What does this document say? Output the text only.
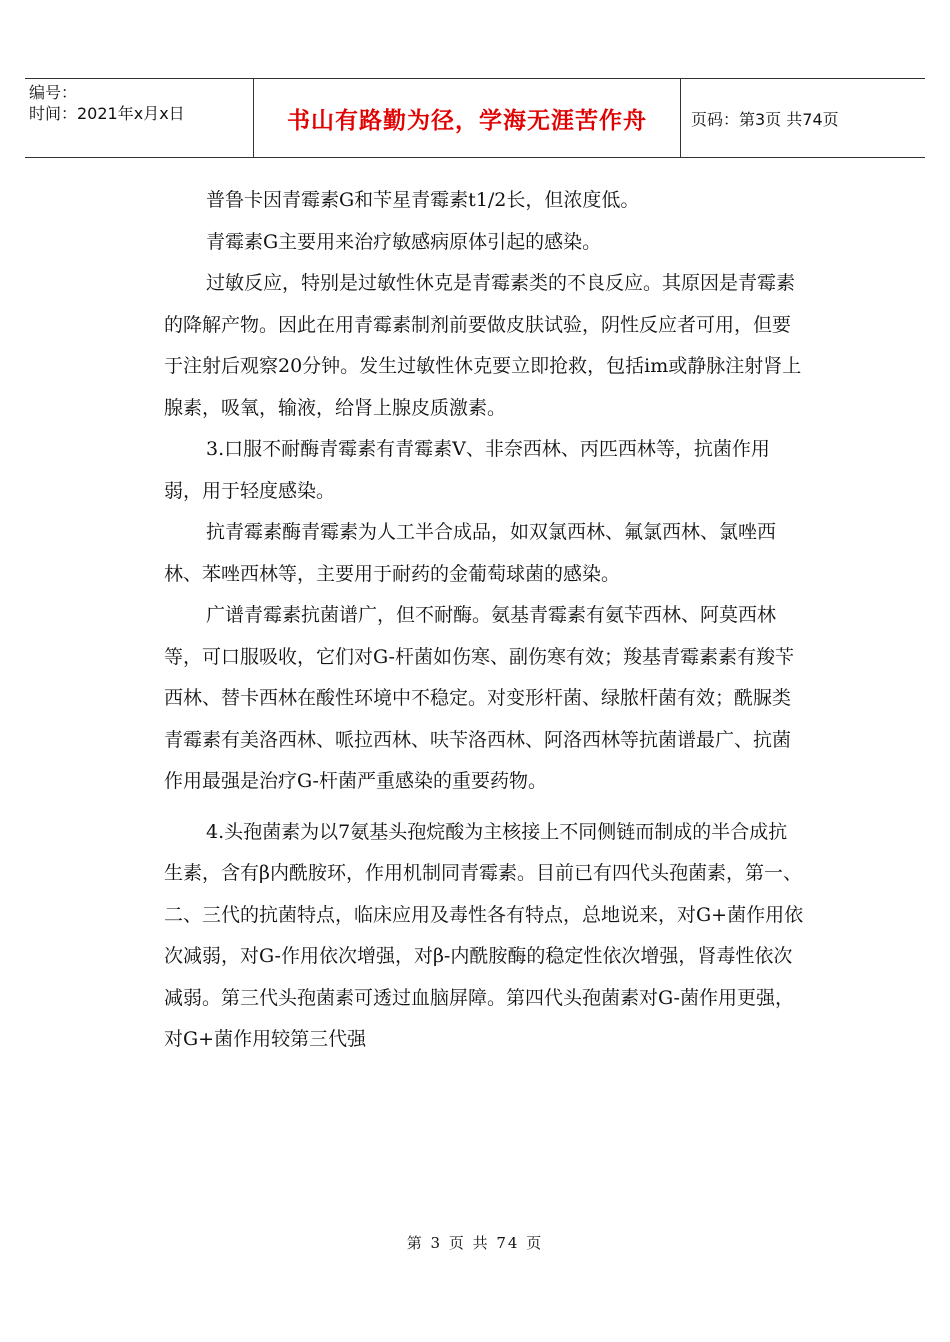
编号：
时间：2021年x月x日	书山有路勤为径，学海无涯苦作舟	页码：第3页 共74页

普鲁卡因青霉素G和苄星青霉素t1/2长，但浓度低。

青霉素G主要用来治疗敏感病原体引起的感染。

过敏反应，特别是过敏性休克是青霉素类的不良反应。其原因是青霉素的降解产物。因此在用青霉素制剂前要做皮肤试验，阴性反应者可用，但要于注射后观察20分钟。发生过敏性休克要立即抢救，包括im或静脉注射肾上腺素，吸氧，输液，给肾上腺皮质激素。

3.口服不耐酶青霉素有青霉素Ⅴ、非奈西林、丙匹西林等，抗菌作用弱，用于轻度感染。

抗青霉素酶青霉素为人工半合成品，如双氯西林、氟氯西林、氯唑西林、苯唑西林等，主要用于耐药的金葡萄球菌的感染。

广谱青霉素抗菌谱广，但不耐酶。氨基青霉素有氨苄西林、阿莫西林等，可口服吸收，它们对G-杆菌如伤寒、副伤寒有效；羧基青霉素素有羧苄西林、替卡西林在酸性环境中不稳定。对变形杆菌、绿脓杆菌有效；酰脲类青霉素有美洛西林、哌拉西林、呋苄洛西林、阿洛西林等抗菌谱最广、抗菌作用最强是治疗G-杆菌严重感染的重要药物。

4.头孢菌素为以7氨基头孢烷酸为主核接上不同侧链而制成的半合成抗生素，含有β内酰胺环，作用机制同青霉素。目前已有四代头孢菌素，第一、二、三代的抗菌特点，临床应用及毒性各有特点，总地说来，对G+菌作用依次减弱，对G-作用依次增强，对β-内酰胺酶的稳定性依次增强，肾毒性依次减弱。第三代头孢菌素可透过血脑屏障。第四代头孢菌素对G-菌作用更强，对G+菌作用较第三代强

第 3 页 共 74 页
